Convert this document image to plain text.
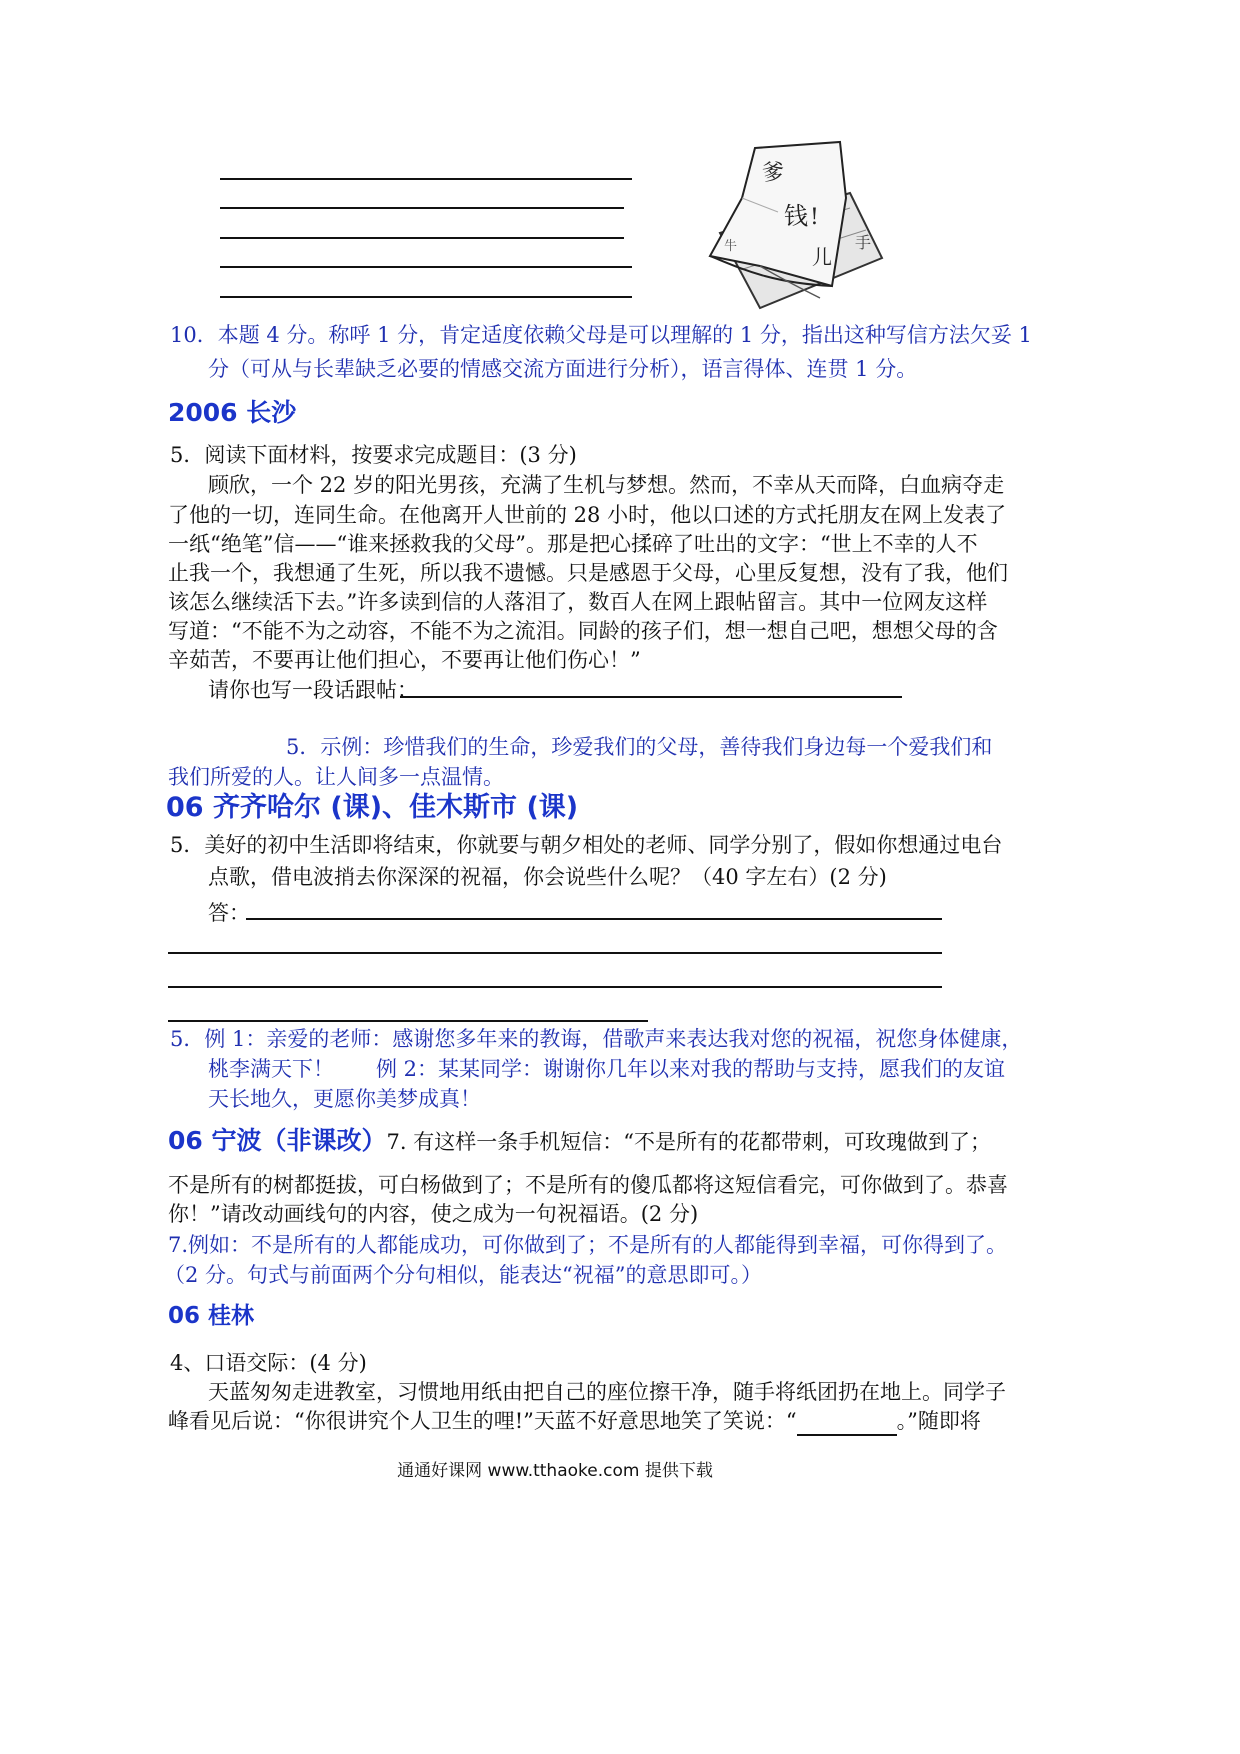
爹
钱 !
儿
手
牛
10．本题 4 分。称呼 1 分，肯定适度依赖父母是可以理解的 1 分，指出这种写信方法欠妥 1
分（可从与长辈缺乏必要的情感交流方面进行分析），语言得体、连贯 1 分。
2006 长沙
5．阅读下面材料，按要求完成题目：(3 分)
顾欣，一个 22 岁的阳光男孩，充满了生机与梦想。然而，不幸从天而降，白血病夺走
了他的一切，连同生命。在他离开人世前的 28 小时，他以口述的方式托朋友在网上发表了
一纸“绝笔”信——“谁来拯救我的父母”。那是把心揉碎了吐出的文字：“世上不幸的人不
止我一个，我想通了生死，所以我不遗憾。只是感恩于父母，心里反复想，没有了我，他们
该怎么继续活下去。”许多读到信的人落泪了，数百人在网上跟帖留言。其中一位网友这样
写道：“不能不为之动容，不能不为之流泪。同龄的孩子们，想一想自己吧，想想父母的含
辛茹苦，不要再让他们担心，不要再让他们伤心！”
请你也写一段话跟帖：
5．示例：珍惜我们的生命，珍爱我们的父母，善待我们身边每一个爱我们和
我们所爱的人。让人间多一点温情。
06 齐齐哈尔 (课)、佳木斯市 (课)
5．美好的初中生活即将结束，你就要与朝夕相处的老师、同学分别了，假如你想通过电台
点歌，借电波捎去你深深的祝福，你会说些什么呢？（40 字左右）(2 分)
答：
5．例 1：亲爱的老师：感谢您多年来的教诲，借歌声来表达我对您的祝福，祝您身体健康，
桃李满天下！　　例 2：某某同学：谢谢你几年以来对我的帮助与支持，愿我们的友谊
天长地久，更愿你美梦成真！
06 宁波（非课改）7. 有这样一条手机短信：“不是所有的花都带刺，可玫瑰做到了；
不是所有的树都挺拔，可白杨做到了；不是所有的傻瓜都将这短信看完，可你做到了。恭喜
你！”请改动画线句的内容，使之成为一句祝福语。(2 分)
7.例如：不是所有的人都能成功，可你做到了；不是所有的人都能得到幸福，可你得到了。
（2 分。句式与前面两个分句相似，能表达“祝福”的意思即可。）
06 桂林
4、口语交际：(4 分)
天蓝匆匆走进教室，习惯地用纸由把自己的座位擦干净，随手将纸团扔在地上。同学子
峰看见后说：“你很讲究个人卫生的哩!”天蓝不好意思地笑了笑说：“	。”随即将
通通好课网 www.tthaoke.com 提供下载
